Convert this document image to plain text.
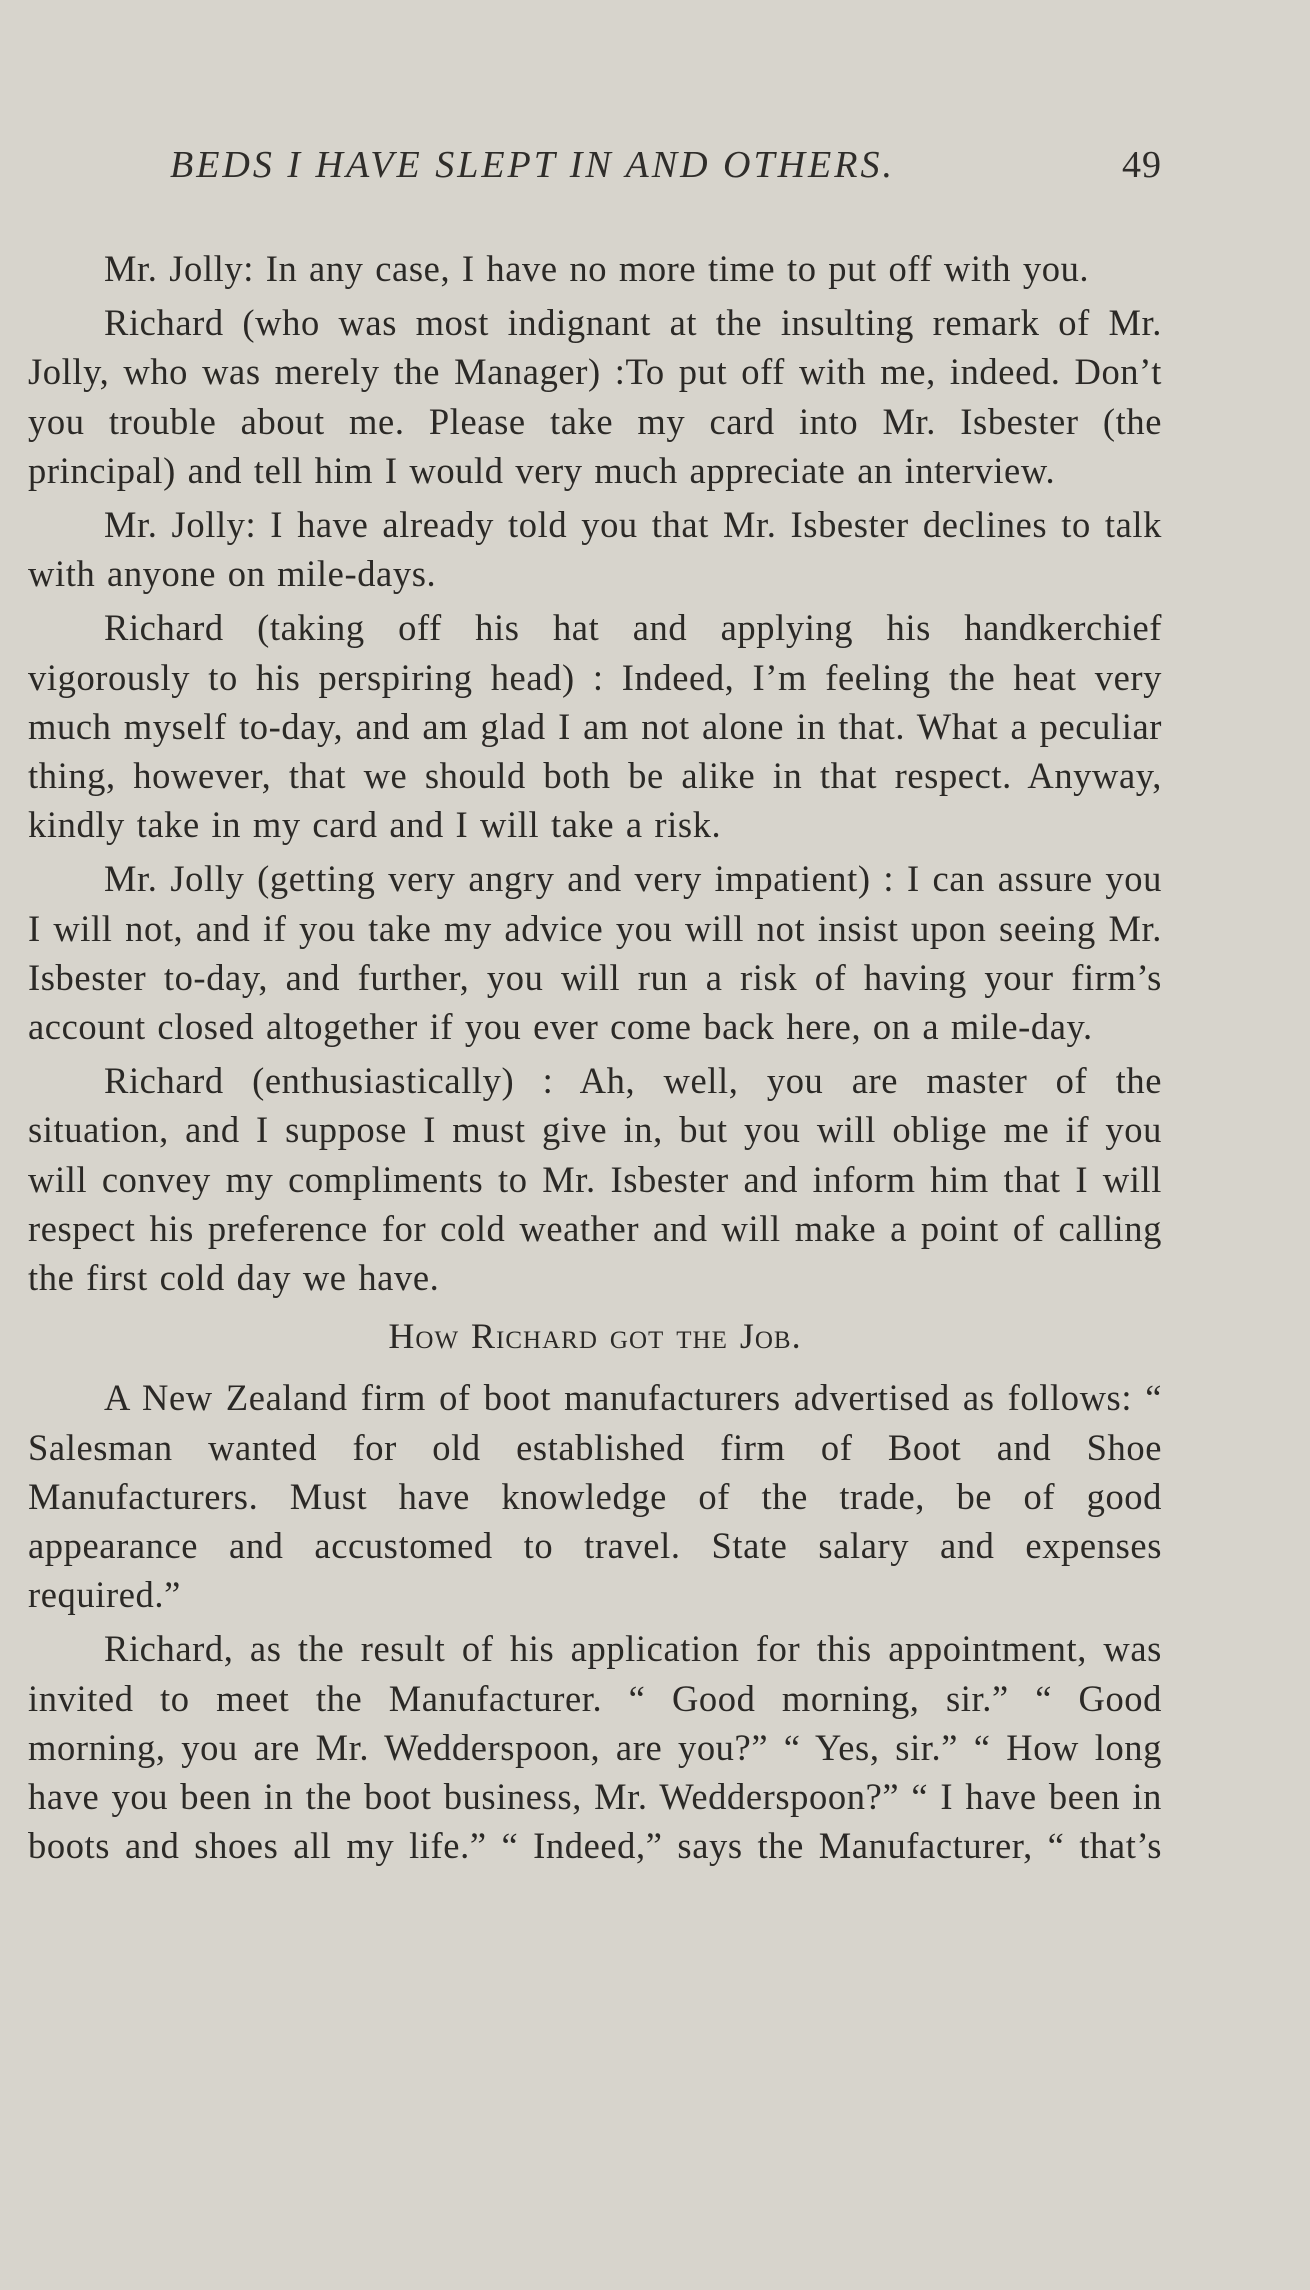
BEDS I HAVE SLEPT IN AND OTHERS.	49

Mr. Jolly: In any case, I have no more time to put off with you.

Richard (who was most indignant at the insulting remark of Mr. Jolly, who was merely the Manager) :To put off with me, indeed. Don’t you trouble about me. Please take my card into Mr. Isbester (the principal) and tell him I would very much appreciate an interview.

Mr. Jolly: I have already told you that Mr. Isbester declines to talk with anyone on mile-days.

Richard (taking off his hat and applying his handkerchief vigorously to his perspiring head) : Indeed, I’m feeling the heat very much myself to-day, and am glad I am not alone in that. What a peculiar thing, however, that we should both be alike in that respect. Anyway, kindly take in my card and I will take a risk.

Mr. Jolly (getting very angry and very impatient) : I can assure you I will not, and if you take my advice you will not insist upon seeing Mr. Isbester to-day, and further, you will run a risk of having your firm’s account closed altogether if you ever come back here, on a mile-day.

Richard (enthusiastically) : Ah, well, you are master of the situation, and I suppose I must give in, but you will oblige me if you will convey my compliments to Mr. Isbester and inform him that I will respect his preference for cold weather and will make a point of calling the first cold day we have.

How Richard got the Job.

A New Zealand firm of boot manufacturers advertised as follows: “ Salesman wanted for old established firm of Boot and Shoe Manufacturers. Must have knowledge of the trade, be of good appearance and accustomed to travel. State salary and expenses required.”

Richard, as the result of his application for this appointment, was invited to meet the Manufacturer. “ Good morning, sir.” “ Good morning, you are Mr. Wedderspoon, are you?” “ Yes, sir.” “ How long have you been in the boot business, Mr. Wedderspoon?” “ I have been in boots and shoes all my life.” “ Indeed,” says the Manufacturer, “ that’s
